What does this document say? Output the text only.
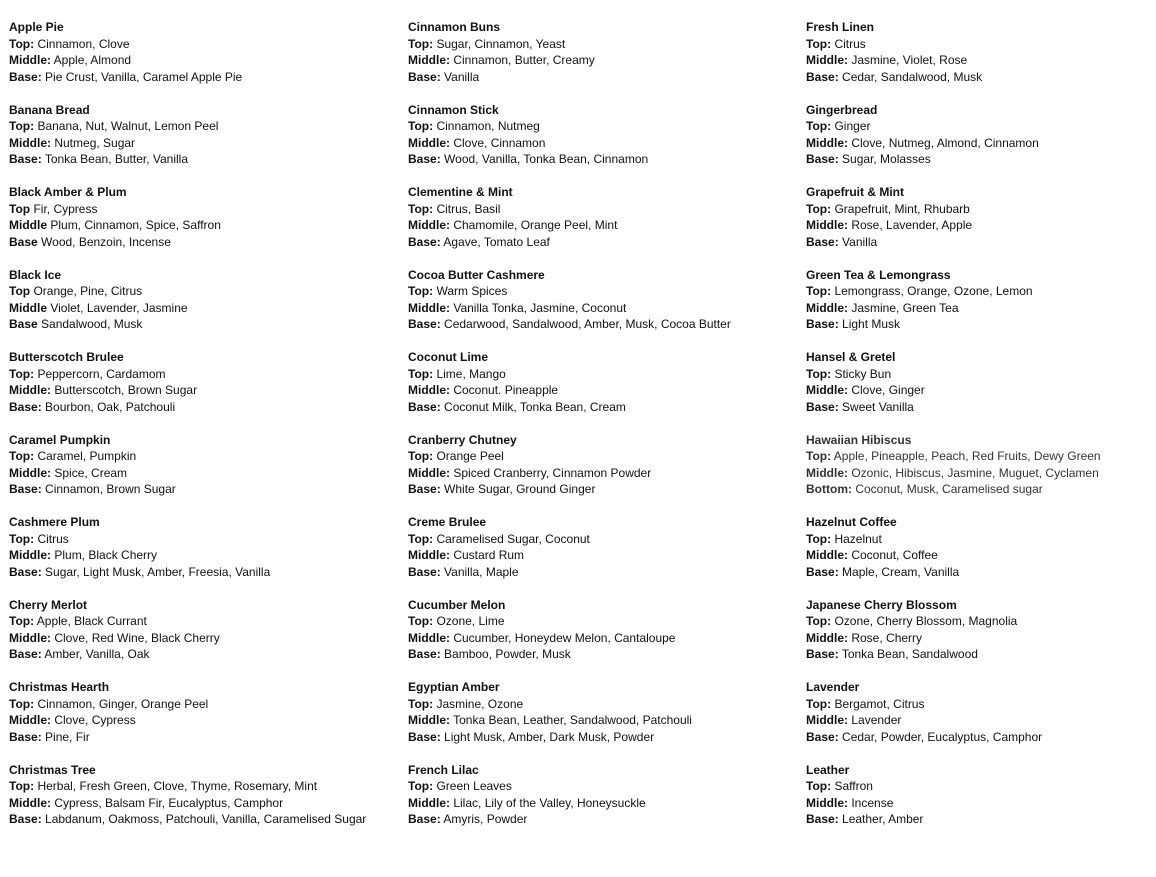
Apple Pie
Top: Cinnamon, Clove
Middle: Apple, Almond
Base: Pie Crust, Vanilla, Caramel Apple Pie
Banana Bread
Top: Banana, Nut, Walnut, Lemon Peel
Middle: Nutmeg, Sugar
Base: Tonka Bean, Butter, Vanilla
Black Amber & Plum
Top Fir, Cypress
Middle Plum, Cinnamon, Spice, Saffron
Base Wood, Benzoin, Incense
Black Ice
Top Orange, Pine, Citrus
Middle Violet, Lavender, Jasmine
Base Sandalwood, Musk
Butterscotch Brulee
Top: Peppercorn, Cardamom
Middle: Butterscotch, Brown Sugar
Base: Bourbon, Oak, Patchouli
Caramel Pumpkin
Top: Caramel, Pumpkin
Middle: Spice, Cream
Base: Cinnamon, Brown Sugar
Cashmere Plum
Top: Citrus
Middle: Plum, Black Cherry
Base: Sugar, Light Musk, Amber, Freesia, Vanilla
Cherry Merlot
Top: Apple, Black Currant
Middle: Clove, Red Wine, Black Cherry
Base: Amber, Vanilla, Oak
Christmas Hearth
Top: Cinnamon, Ginger, Orange Peel
Middle: Clove, Cypress
Base: Pine, Fir
Christmas Tree
Top: Herbal, Fresh Green, Clove, Thyme, Rosemary, Mint
Middle: Cypress, Balsam Fir, Eucalyptus, Camphor
Base: Labdanum, Oakmoss, Patchouli, Vanilla, Caramelised Sugar
Cinnamon Buns
Top: Sugar, Cinnamon, Yeast
Middle: Cinnamon, Butter, Creamy
Base: Vanilla
Cinnamon Stick
Top: Cinnamon, Nutmeg
Middle: Clove, Cinnamon
Base: Wood, Vanilla, Tonka Bean, Cinnamon
Clementine & Mint
Top: Citrus, Basil
Middle: Chamomile, Orange Peel, Mint
Base: Agave, Tomato Leaf
Cocoa Butter Cashmere
Top: Warm Spices
Middle: Vanilla Tonka, Jasmine, Coconut
Base: Cedarwood, Sandalwood, Amber, Musk, Cocoa Butter
Coconut Lime
Top: Lime, Mango
Middle: Coconut. Pineapple
Base: Coconut Milk, Tonka Bean, Cream
Cranberry Chutney
Top: Orange Peel
Middle: Spiced Cranberry, Cinnamon Powder
Base: White Sugar, Ground Ginger
Creme Brulee
Top: Caramelised Sugar, Coconut
Middle: Custard Rum
Base: Vanilla, Maple
Cucumber Melon
Top: Ozone, Lime
Middle: Cucumber, Honeydew Melon, Cantaloupe
Base: Bamboo, Powder, Musk
Egyptian Amber
Top: Jasmine, Ozone
Middle: Tonka Bean, Leather, Sandalwood, Patchouli
Base: Light Musk, Amber, Dark Musk, Powder
French Lilac
Top: Green Leaves
Middle: Lilac, Lily of the Valley, Honeysuckle
Base: Amyris, Powder
Fresh Linen
Top: Citrus
Middle: Jasmine, Violet, Rose
Base: Cedar, Sandalwood, Musk
Gingerbread
Top: Ginger
Middle: Clove, Nutmeg, Almond, Cinnamon
Base: Sugar, Molasses
Grapefruit & Mint
Top: Grapefruit, Mint, Rhubarb
Middle: Rose, Lavender, Apple
Base: Vanilla
Green Tea & Lemongrass
Top: Lemongrass, Orange, Ozone, Lemon
Middle: Jasmine, Green Tea
Base: Light Musk
Hansel & Gretel
Top: Sticky Bun
Middle: Clove, Ginger
Base: Sweet Vanilla
Hawaiian Hibiscus
Top: Apple, Pineapple, Peach, Red Fruits, Dewy Green
Middle: Ozonic, Hibiscus, Jasmine, Muguet, Cyclamen
Bottom: Coconut, Musk, Caramelised sugar
Hazelnut Coffee
Top: Hazelnut
Middle: Coconut, Coffee
Base: Maple, Cream, Vanilla
Japanese Cherry Blossom
Top: Ozone, Cherry Blossom, Magnolia
Middle: Rose, Cherry
Base: Tonka Bean, Sandalwood
Lavender
Top: Bergamot, Citrus
Middle: Lavender
Base: Cedar, Powder, Eucalyptus, Camphor
Leather
Top: Saffron
Middle: Incense
Base: Leather, Amber
